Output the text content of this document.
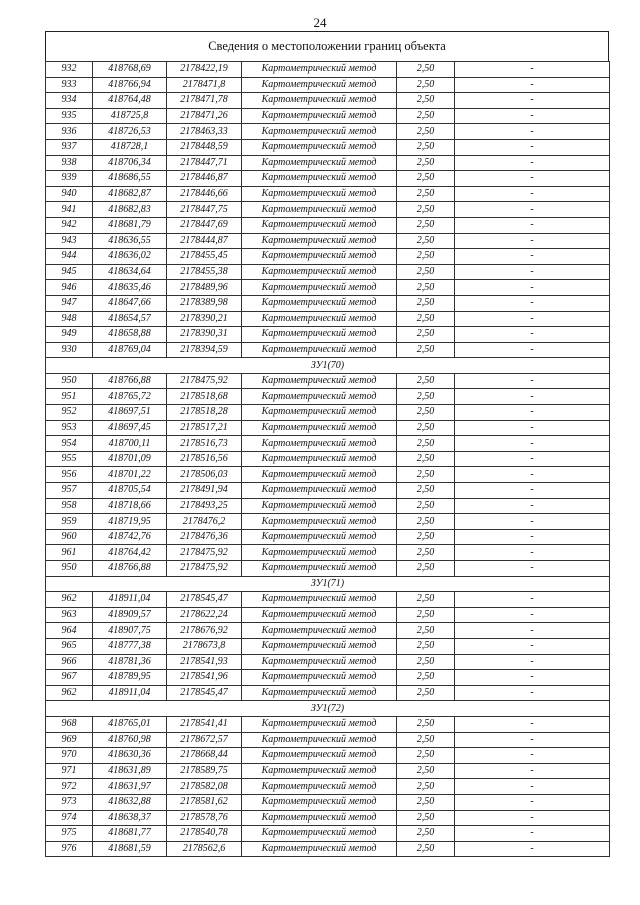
24
Сведения о местоположении границ объекта
932	418768,69	2178422,19	Картометрический метод	2,50	-
933	418766,94	2178471,8	Картометрический метод	2,50	-
934	418764,48	2178471,78	Картометрический метод	2,50	-
935	418725,8	2178471,26	Картометрический метод	2,50	-
936	418726,53	2178463,33	Картометрический метод	2,50	-
937	418728,1	2178448,59	Картометрический метод	2,50	-
938	418706,34	2178447,71	Картометрический метод	2,50	-
939	418686,55	2178446,87	Картометрический метод	2,50	-
940	418682,87	2178446,66	Картометрический метод	2,50	-
941	418682,83	2178447,75	Картометрический метод	2,50	-
942	418681,79	2178447,69	Картометрический метод	2,50	-
943	418636,55	2178444,87	Картометрический метод	2,50	-
944	418636,02	2178455,45	Картометрический метод	2,50	-
945	418634,64	2178455,38	Картометрический метод	2,50	-
946	418635,46	2178489,96	Картометрический метод	2,50	-
947	418647,66	2178389,98	Картометрический метод	2,50	-
948	418654,57	2178390,21	Картометрический метод	2,50	-
949	418658,88	2178390,31	Картометрический метод	2,50	-
930	418769,04	2178394,59	Картометрический метод	2,50	-
ЗУ1(70)					
950	418766,88	2178475,92	Картометрический метод	2,50	-
951	418765,72	2178518,68	Картометрический метод	2,50	-
952	418697,51	2178518,28	Картометрический метод	2,50	-
953	418697,45	2178517,21	Картометрический метод	2,50	-
954	418700,11	2178516,73	Картометрический метод	2,50	-
955	418701,09	2178516,56	Картометрический метод	2,50	-
956	418701,22	2178506,03	Картометрический метод	2,50	-
957	418705,54	2178491,94	Картометрический метод	2,50	-
958	418718,66	2178493,25	Картометрический метод	2,50	-
959	418719,95	2178476,2	Картометрический метод	2,50	-
960	418742,76	2178476,36	Картометрический метод	2,50	-
961	418764,42	2178475,92	Картометрический метод	2,50	-
950	418766,88	2178475,92	Картометрический метод	2,50	-
ЗУ1(71)					
962	418911,04	2178545,47	Картометрический метод	2,50	-
963	418909,57	2178622,24	Картометрический метод	2,50	-
964	418907,75	2178676,92	Картометрический метод	2,50	-
965	418777,38	2178673,8	Картометрический метод	2,50	-
966	418781,36	2178541,93	Картометрический метод	2,50	-
967	418789,95	2178541,96	Картометрический метод	2,50	-
962	418911,04	2178545,47	Картометрический метод	2,50	-
ЗУ1(72)					
968	418765,01	2178541,41	Картометрический метод	2,50	-
969	418760,98	2178672,57	Картометрический метод	2,50	-
970	418630,36	2178668,44	Картометрический метод	2,50	-
971	418631,89	2178589,75	Картометрический метод	2,50	-
972	418631,97	2178582,08	Картометрический метод	2,50	-
973	418632,88	2178581,62	Картометрический метод	2,50	-
974	418638,37	2178578,76	Картометрический метод	2,50	-
975	418681,77	2178540,78	Картометрический метод	2,50	-
976	418681,59	2178562,6	Картометрический метод	2,50	-
